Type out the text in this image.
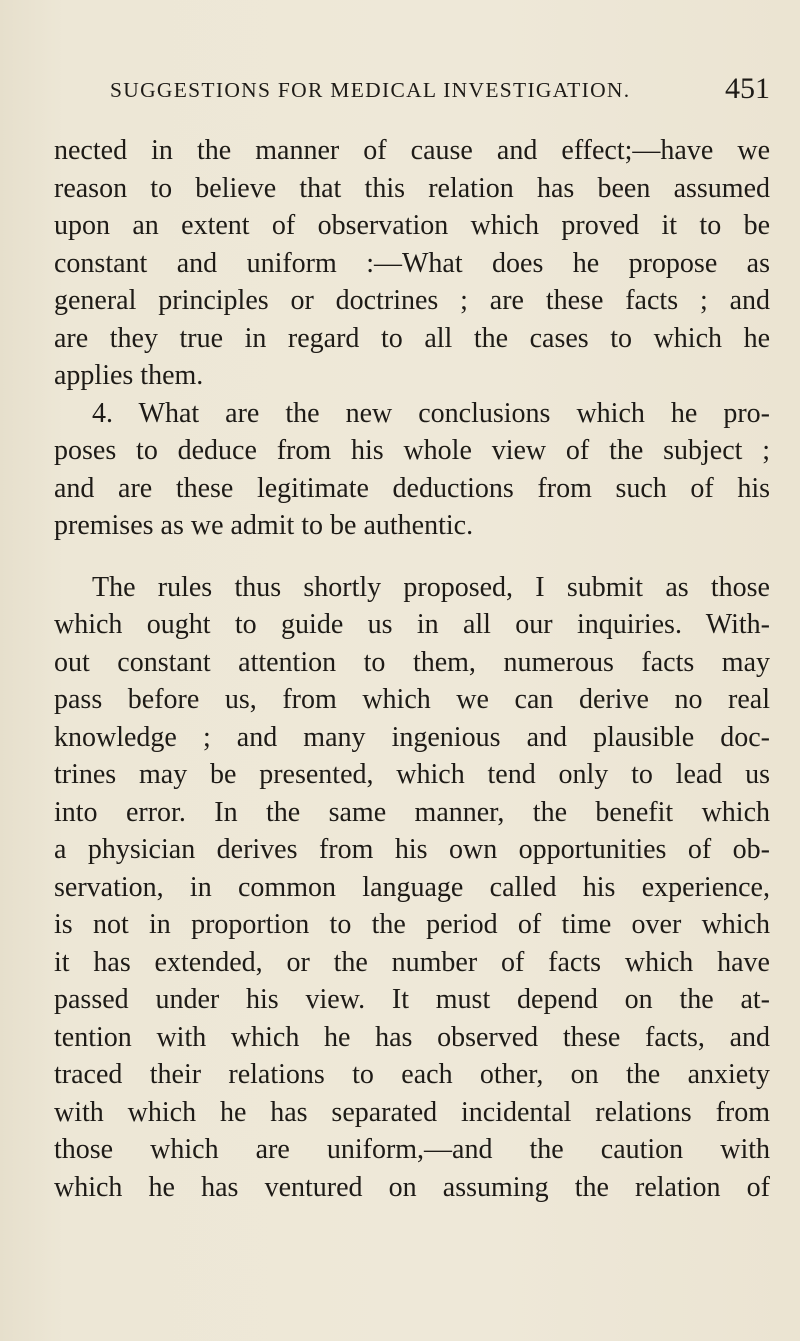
SUGGESTIONS FOR MEDICAL INVESTIGATION.	451
nected in the manner of cause and effect;—have we
reason to believe that this relation has been assumed
upon an extent of observation which proved it to be
constant and uniform :—What does he propose as
general principles or doctrines ; are these facts ; and
are they true in regard to all the cases to which he
applies them.
4. What are the new conclusions which he pro-
poses to deduce from his whole view of the subject ;
and are these legitimate deductions from such of his
premises as we admit to be authentic.
The rules thus shortly proposed, I submit as those
which ought to guide us in all our inquiries. With-
out constant attention to them, numerous facts may
pass before us, from which we can derive no real
knowledge ; and many ingenious and plausible doc-
trines may be presented, which tend only to lead us
into error. In the same manner, the benefit which
a physician derives from his own opportunities of ob-
servation, in common language called his experience,
is not in proportion to the period of time over which
it has extended, or the number of facts which have
passed under his view. It must depend on the at-
tention with which he has observed these facts, and
traced their relations to each other, on the anxiety
with which he has separated incidental relations from
those which are uniform,—and the caution with
which he has ventured on assuming the relation of
